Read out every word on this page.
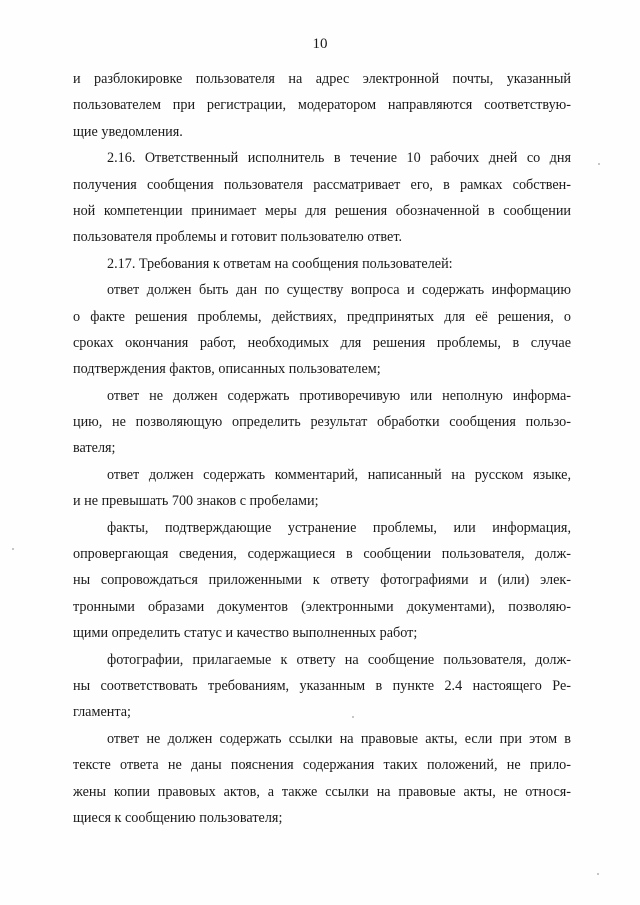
10
и разблокировке пользователя на адрес электронной почты, указанный
пользователем при регистрации, модератором направляются соответствую-
щие уведомления.
2.16. Ответственный исполнитель в течение 10 рабочих дней со дня
получения сообщения пользователя рассматривает его, в рамках собствен-
ной компетенции принимает меры для решения обозначенной в сообщении
пользователя проблемы и готовит пользователю ответ.
2.17. Требования к ответам на сообщения пользователей:
ответ должен быть дан по существу вопроса и содержать информацию
о факте решения проблемы, действиях, предпринятых для её решения, о
сроках окончания работ, необходимых для решения проблемы, в случае
подтверждения фактов, описанных пользователем;
ответ не должен содержать противоречивую или неполную информа-
цию, не позволяющую определить результат обработки сообщения пользо-
вателя;
ответ должен содержать комментарий, написанный на русском языке,
и не превышать 700 знаков с пробелами;
факты, подтверждающие устранение проблемы, или информация,
опровергающая сведения, содержащиеся в сообщении пользователя, долж-
ны сопровождаться приложенными к ответу фотографиями и (или) элек-
тронными образами документов (электронными документами), позволяю-
щими определить статус и качество выполненных работ;
фотографии, прилагаемые к ответу на сообщение пользователя, долж-
ны соответствовать требованиям, указанным в пункте 2.4 настоящего Ре-
гламента;
ответ не должен содержать ссылки на правовые акты, если при этом в
тексте ответа не даны пояснения содержания таких положений, не прило-
жены копии правовых актов, а также ссылки на правовые акты, не относя-
щиеся к сообщению пользователя;
